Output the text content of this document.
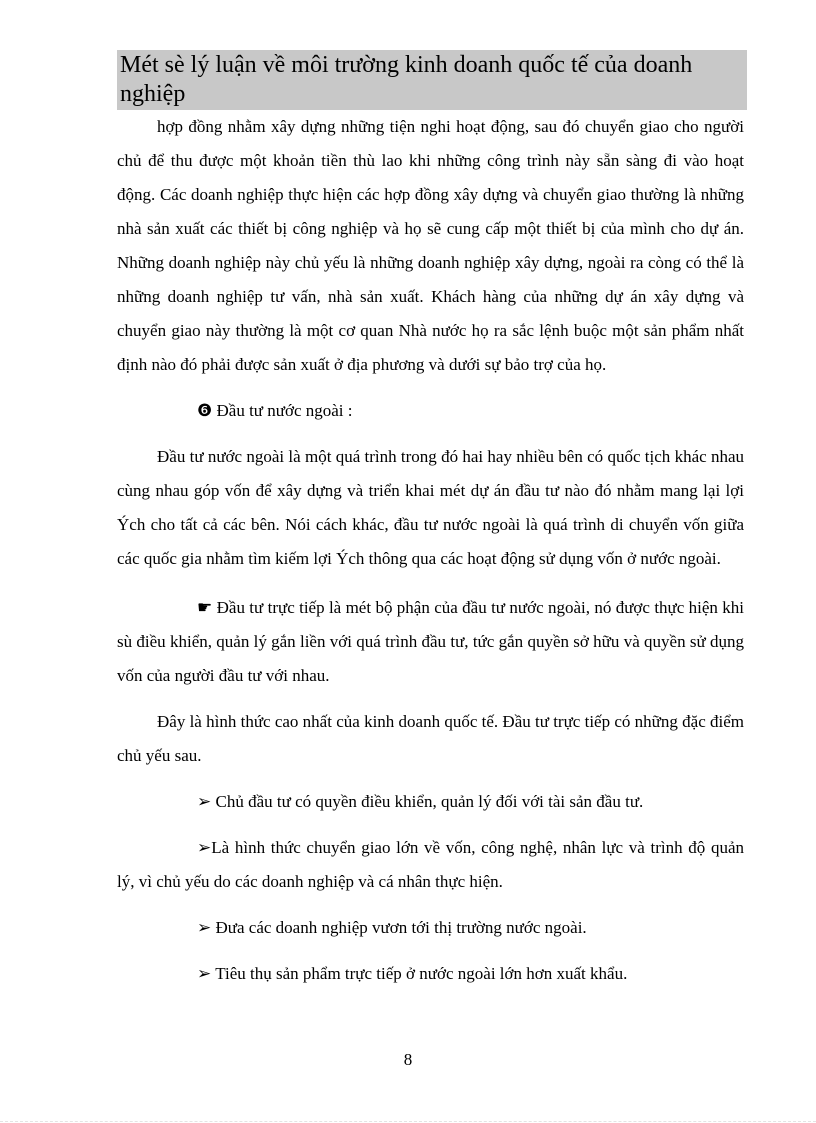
Mét sè lý luận về môi trường kinh doanh quốc tế của doanh nghiệp

hợp đồng nhằm xây dựng những tiện nghi hoạt động, sau đó chuyển giao cho người chủ để thu được một khoản tiền thù lao khi những công trình này sẵn sàng đi vào hoạt động. Các doanh nghiệp thực hiện các hợp đồng xây dựng và chuyển giao thường là những nhà sản xuất các thiết bị công nghiệp và họ sẽ cung cấp một thiết bị của mình cho dự án. Những doanh nghiệp này chủ yếu là những doanh nghiệp xây dựng, ngoài ra còng có thể là những doanh nghiệp tư vấn, nhà sản xuất. Khách hàng của những dự án xây dựng và chuyển giao này thường là một cơ quan Nhà nước họ ra sắc lệnh buộc một sản phẩm nhất định nào đó phải được sản xuất ở địa phương và dưới sự bảo trợ của họ.

❻ Đầu tư nước ngoài :

Đầu tư nước ngoài là một quá trình trong đó hai hay nhiều bên có quốc tịch khác nhau cùng nhau góp vốn để xây dựng và triển khai mét dự án đầu tư nào đó nhằm mang lại lợi Ých cho tất cả các bên. Nói cách khác, đầu tư nước ngoài là quá trình di chuyển vốn giữa các quốc gia nhằm tìm kiếm lợi Ých thông qua các hoạt động sử dụng vốn ở nước ngoài.

☛ Đầu tư trực tiếp là mét bộ phận của đầu tư nước ngoài, nó được thực hiện khi sù điều khiển, quản lý gắn liền với quá trình đầu tư, tức gắn quyền sở hữu và quyền sử dụng vốn của người đầu tư với nhau.

Đây là hình thức cao nhất của kinh doanh quốc tế. Đầu tư trực tiếp có những đặc điểm chủ yếu sau.

➢ Chủ đầu tư có quyền điều khiển, quản lý đối với tài sản đầu tư.

➢Là hình thức chuyển giao lớn về vốn, công nghệ, nhân lực và trình độ quản lý, vì chủ yếu do các doanh nghiệp và cá nhân thực hiện.

➢ Đưa các doanh nghiệp vươn tới thị trường nước ngoài.

➢ Tiêu thụ sản phẩm trực tiếp ở nước ngoài lớn hơn xuất khẩu.

8
